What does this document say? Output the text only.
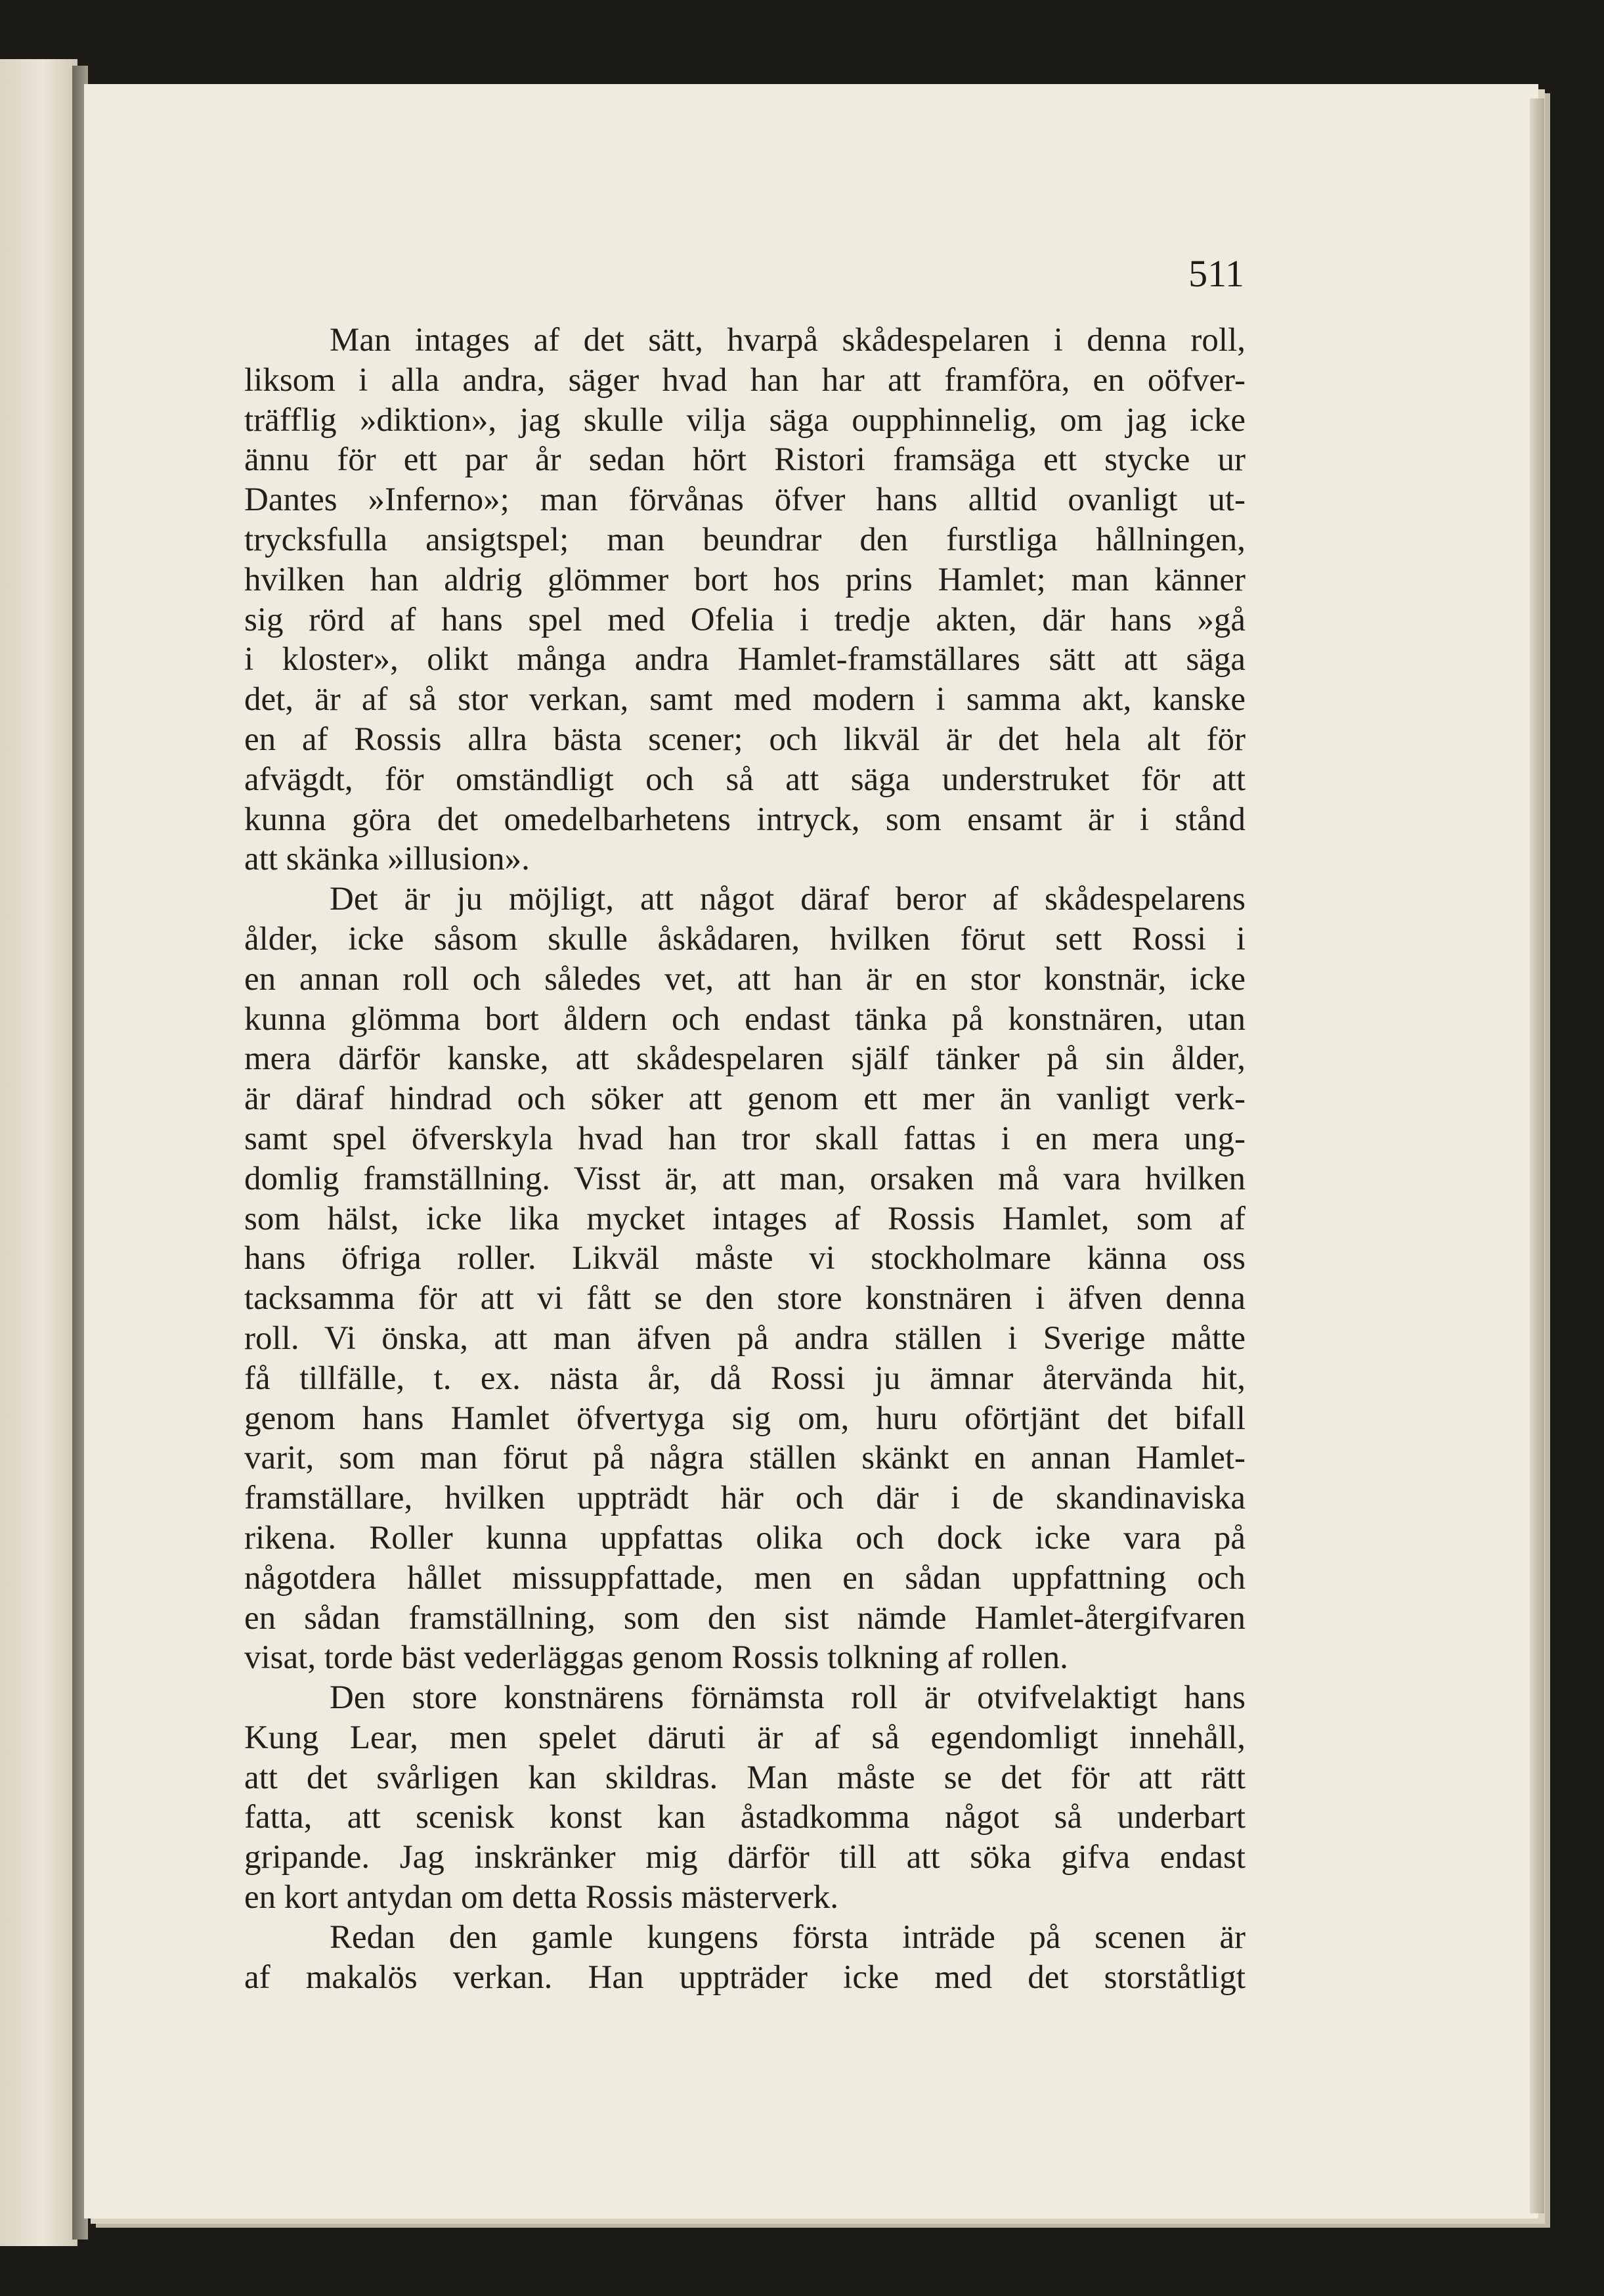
511
Man intages af det sätt, hvarpå skådespelaren i denna roll,
liksom i alla andra, säger hvad han har att framföra, en oöfver-
träfflig »diktion», jag skulle vilja säga oupphinnelig, om jag icke
ännu för ett par år sedan hört Ristori framsäga ett stycke ur
Dantes »Inferno»; man förvånas öfver hans alltid ovanligt ut-
trycksfulla ansigtspel; man beundrar den furstliga hållningen,
hvilken han aldrig glömmer bort hos prins Hamlet; man känner
sig rörd af hans spel med Ofelia i tredje akten, där hans »gå
i kloster», olikt många andra Hamlet-framställares sätt att säga
det, är af så stor verkan, samt med modern i samma akt, kanske
en af Rossis allra bästa scener; och likväl är det hela alt för
afvägdt, för omständligt och så att säga understruket för att
kunna göra det omedelbarhetens intryck, som ensamt är i stånd
att skänka »illusion».
Det är ju möjligt, att något däraf beror af skådespelarens
ålder, icke såsom skulle åskådaren, hvilken förut sett Rossi i
en annan roll och således vet, att han är en stor konstnär, icke
kunna glömma bort åldern och endast tänka på konstnären, utan
mera därför kanske, att skådespelaren själf tänker på sin ålder,
är däraf hindrad och söker att genom ett mer än vanligt verk-
samt spel öfverskyla hvad han tror skall fattas i en mera ung-
domlig framställning. Visst är, att man, orsaken må vara hvilken
som hälst, icke lika mycket intages af Rossis Hamlet, som af
hans öfriga roller. Likväl måste vi stockholmare känna oss
tacksamma för att vi fått se den store konstnären i äfven denna
roll. Vi önska, att man äfven på andra ställen i Sverige måtte
få tillfälle, t. ex. nästa år, då Rossi ju ämnar återvända hit,
genom hans Hamlet öfvertyga sig om, huru oförtjänt det bifall
varit, som man förut på några ställen skänkt en annan Hamlet-
framställare, hvilken uppträdt här och där i de skandinaviska
rikena. Roller kunna uppfattas olika och dock icke vara på
någotdera hållet missuppfattade, men en sådan uppfattning och
en sådan framställning, som den sist nämde Hamlet-återgifvaren
visat, torde bäst vederläggas genom Rossis tolkning af rollen.
Den store konstnärens förnämsta roll är otvifvelaktigt hans
Kung Lear, men spelet däruti är af så egendomligt innehåll,
att det svårligen kan skildras. Man måste se det för att rätt
fatta, att scenisk konst kan åstadkomma något så underbart
gripande. Jag inskränker mig därför till att söka gifva endast
en kort antydan om detta Rossis mästerverk.
Redan den gamle kungens första inträde på scenen är
af makalös verkan. Han uppträder icke med det storståtligt
